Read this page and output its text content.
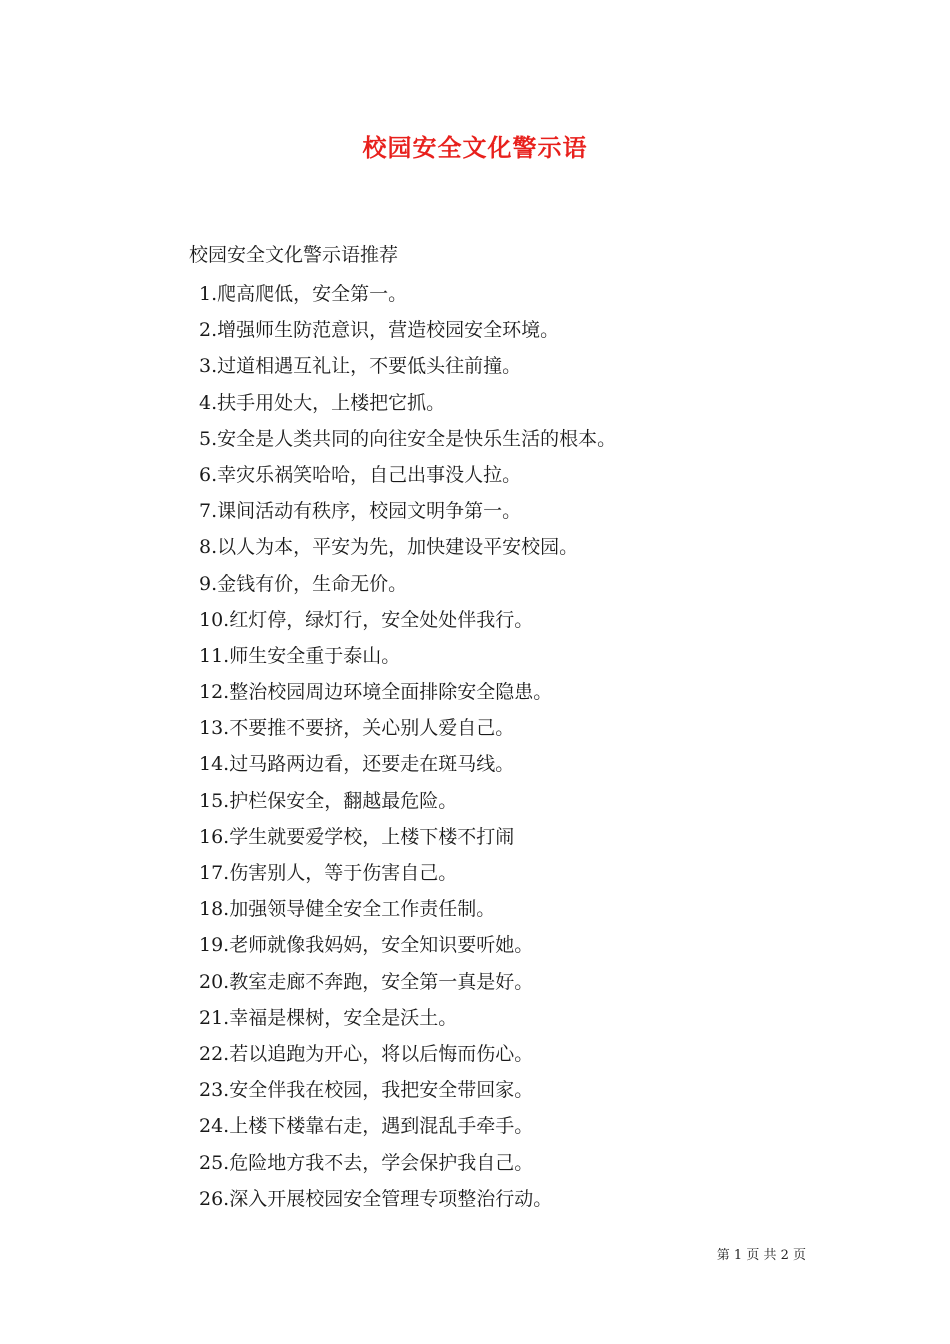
校园安全文化警示语
校园安全文化警示语推荐
1.爬高爬低，安全第一。
2.增强师生防范意识，营造校园安全环境。
3.过道相遇互礼让，不要低头往前撞。
4.扶手用处大，上楼把它抓。
5.安全是人类共同的向往安全是快乐生活的根本。
6.幸灾乐祸笑哈哈，自己出事没人拉。
7.课间活动有秩序，校园文明争第一。
8.以人为本，平安为先，加快建设平安校园。
9.金钱有价，生命无价。
10.红灯停，绿灯行，安全处处伴我行。
11.师生安全重于泰山。
12.整治校园周边环境全面排除安全隐患。
13.不要推不要挤，关心别人爱自己。
14.过马路两边看，还要走在斑马线。
15.护栏保安全，翻越最危险。
16.学生就要爱学校，上楼下楼不打闹
17.伤害别人，等于伤害自己。
18.加强领导健全安全工作责任制。
19.老师就像我妈妈，安全知识要听她。
20.教室走廊不奔跑，安全第一真是好。
21.幸福是棵树，安全是沃土。
22.若以追跑为开心，将以后悔而伤心。
23.安全伴我在校园，我把安全带回家。
24.上楼下楼靠右走，遇到混乱手牵手。
25.危险地方我不去，学会保护我自己。
26.深入开展校园安全管理专项整治行动。
第 1 页 共 2 页
